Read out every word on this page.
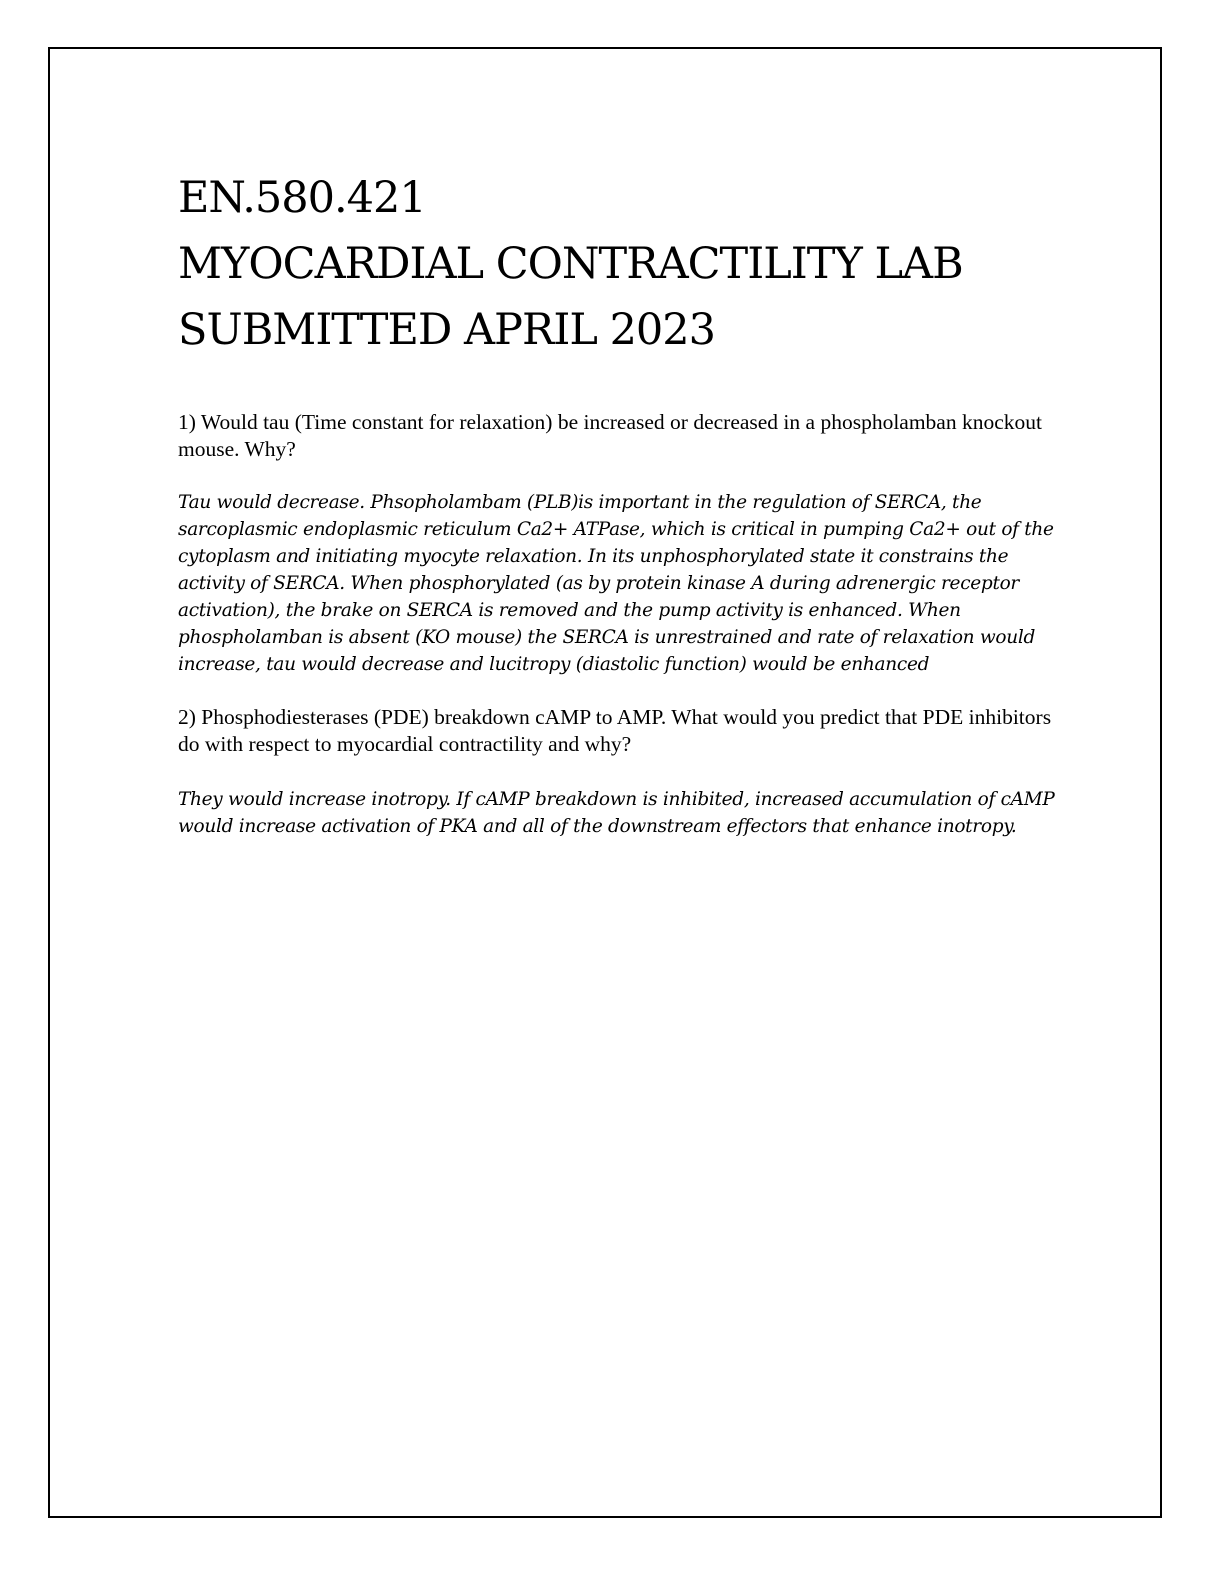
EN.580.421
MYOCARDIAL CONTRACTILITY LAB
SUBMITTED APRIL 2023

1) Would tau (Time constant for relaxation) be increased or decreased in a phospholamban knockout mouse. Why?

Tau would decrease. Phsopholambam (PLB)is important in the regulation of SERCA, the sarcoplasmic endoplasmic reticulum Ca2+ ATPase, which is critical in pumping Ca2+ out of the cytoplasm and initiating myocyte relaxation. In its unphosphorylated state it constrains the activity of SERCA. When phosphorylated (as by protein kinase A during adrenergic receptor activation), the brake on SERCA is removed and the pump activity is enhanced. When phospholamban is absent (KO mouse) the SERCA is unrestrained and rate of relaxation would increase, tau would decrease and lucitropy (diastolic function) would be enhanced

2) Phosphodiesterases (PDE) breakdown cAMP to AMP. What would you predict that PDE inhibitors do with respect to myocardial contractility and why?

They would increase inotropy. If cAMP breakdown is inhibited, increased accumulation of cAMP would increase activation of PKA and all of the downstream effectors that enhance inotropy.
